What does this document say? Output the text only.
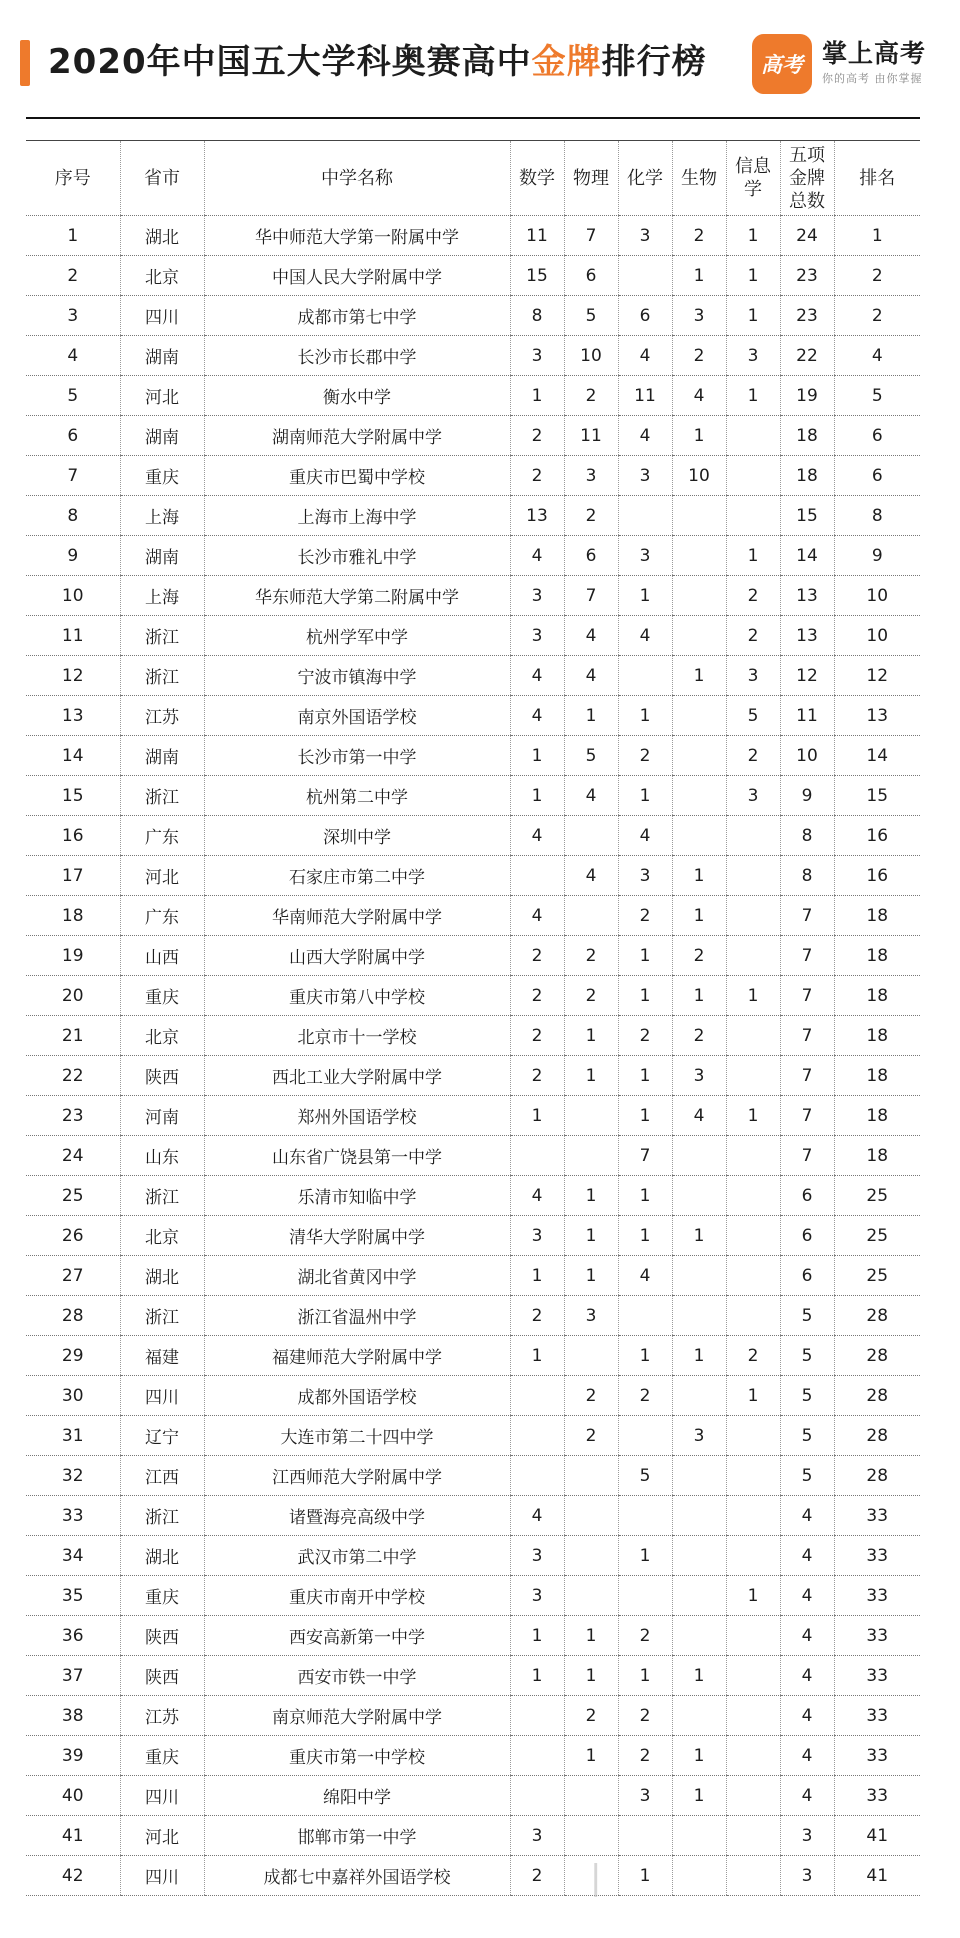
2020年中国五大学科奥赛高中金牌排行榜	高考 掌上高考
你的高考 由你掌握
序号	省市	中学名称	数学	物理	化学	生物	信息学	五项金牌总数	排名
1	湖北	华中师范大学第一附属中学	11	7	3	2	1	24	1
2	北京	中国人民大学附属中学	15	6		1	1	23	2
3	四川	成都市第七中学	8	5	6	3	1	23	2
4	湖南	长沙市长郡中学	3	10	4	2	3	22	4
5	河北	衡水中学	1	2	11	4	1	19	5
6	湖南	湖南师范大学附属中学	2	11	4	1		18	6
7	重庆	重庆市巴蜀中学校	2	3	3	10		18	6
8	上海	上海市上海中学	13	2				15	8
9	湖南	长沙市雅礼中学	4	6	3		1	14	9
10	上海	华东师范大学第二附属中学	3	7	1		2	13	10
11	浙江	杭州学军中学	3	4	4		2	13	10
12	浙江	宁波市镇海中学	4	4		1	3	12	12
13	江苏	南京外国语学校	4	1	1		5	11	13
14	湖南	长沙市第一中学	1	5	2		2	10	14
15	浙江	杭州第二中学	1	4	1		3	9	15
16	广东	深圳中学	4		4			8	16
17	河北	石家庄市第二中学		4	3	1		8	16
18	广东	华南师范大学附属中学	4		2	1		7	18
19	山西	山西大学附属中学	2	2	1	2		7	18
20	重庆	重庆市第八中学校	2	2	1	1	1	7	18
21	北京	北京市十一学校	2	1	2	2		7	18
22	陕西	西北工业大学附属中学	2	1	1	3		7	18
23	河南	郑州外国语学校	1		1	4	1	7	18
24	山东	山东省广饶县第一中学			7			7	18
25	浙江	乐清市知临中学	4	1	1			6	25
26	北京	清华大学附属中学	3	1	1	1		6	25
27	湖北	湖北省黄冈中学	1	1	4			6	25
28	浙江	浙江省温州中学	2	3				5	28
29	福建	福建师范大学附属中学	1		1	1	2	5	28
30	四川	成都外国语学校		2	2		1	5	28
31	辽宁	大连市第二十四中学		2		3		5	28
32	江西	江西师范大学附属中学			5			5	28
33	浙江	诸暨海亮高级中学	4					4	33
34	湖北	武汉市第二中学	3		1			4	33
35	重庆	重庆市南开中学校	3				1	4	33
36	陕西	西安高新第一中学	1	1	2			4	33
37	陕西	西安市铁一中学	1	1	1	1		4	33
38	江苏	南京师范大学附属中学		2	2			4	33
39	重庆	重庆市第一中学校		1	2	1		4	33
40	四川	绵阳中学			3	1		4	33
41	河北	邯郸市第一中学	3					3	41
42	四川	成都七中嘉祥外国语学校	2		1			3	41
|
